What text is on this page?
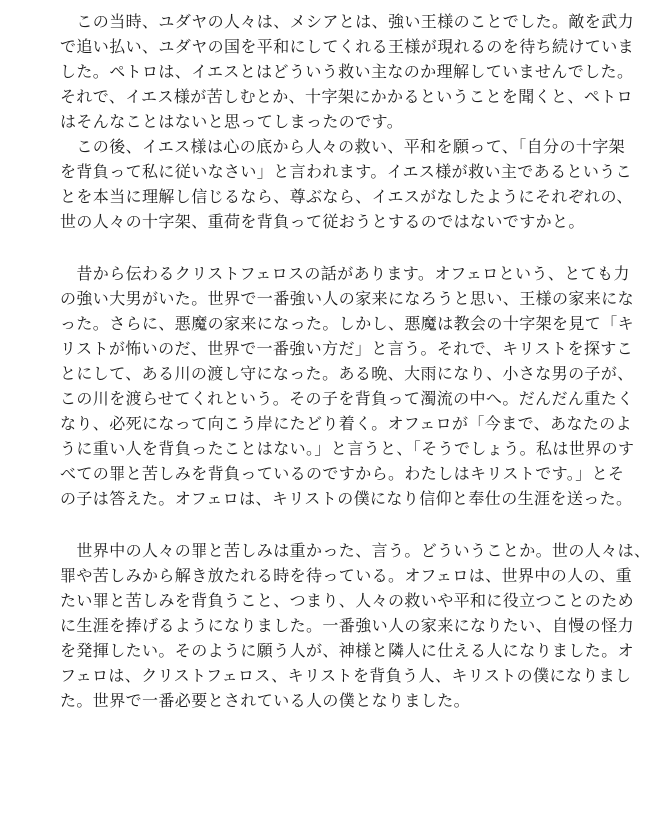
　この当時、ユダヤの人々は、メシアとは、強い王様のことでした。敵を武力
で追い払い、ユダヤの国を平和にしてくれる王様が現れるのを待ち続けていま
した。ペトロは、イエスとはどういう救い主なのか理解していませんでした。
それで、イエス様が苦しむとか、十字架にかかるということを聞くと、ペトロ
はそんなことはないと思ってしまったのです。
　この後、イエス様は心の底から人々の救い、平和を願って、「自分の十字架
を背負って私に従いなさい」と言われます。イエス様が救い主であるというこ
とを本当に理解し信じるなら、尊ぶなら、イエスがなしたようにそれぞれの、
世の人々の十字架、重荷を背負って従おうとするのではないですかと。
　昔から伝わるクリストフェロスの話があります。オフェロという、とても力
の強い大男がいた。世界で一番強い人の家来になろうと思い、王様の家来にな
った。さらに、悪魔の家来になった。しかし、悪魔は教会の十字架を見て「キ
リストが怖いのだ、世界で一番強い方だ」と言う。それで、キリストを探すこ
とにして、ある川の渡し守になった。ある晩、大雨になり、小さな男の子が、
この川を渡らせてくれという。その子を背負って濁流の中へ。だんだん重たく
なり、必死になって向こう岸にたどり着く。オフェロが「今まで、あなたのよ
うに重い人を背負ったことはない。」と言うと、「そうでしょう。私は世界のす
べての罪と苦しみを背負っているのですから。わたしはキリストです。」とそ
の子は答えた。オフェロは、キリストの僕になり信仰と奉仕の生涯を送った。
　世界中の人々の罪と苦しみは重かった、言う。どういうことか。世の人々は、
罪や苦しみから解き放たれる時を待っている。オフェロは、世界中の人の、重
たい罪と苦しみを背負うこと、つまり、人々の救いや平和に役立つことのため
に生涯を捧げるようになりました。一番強い人の家来になりたい、自慢の怪力
を発揮したい。そのように願う人が、神様と隣人に仕える人になりました。オ
フェロは、クリストフェロス、キリストを背負う人、キリストの僕になりまし
た。世界で一番必要とされている人の僕となりました。
